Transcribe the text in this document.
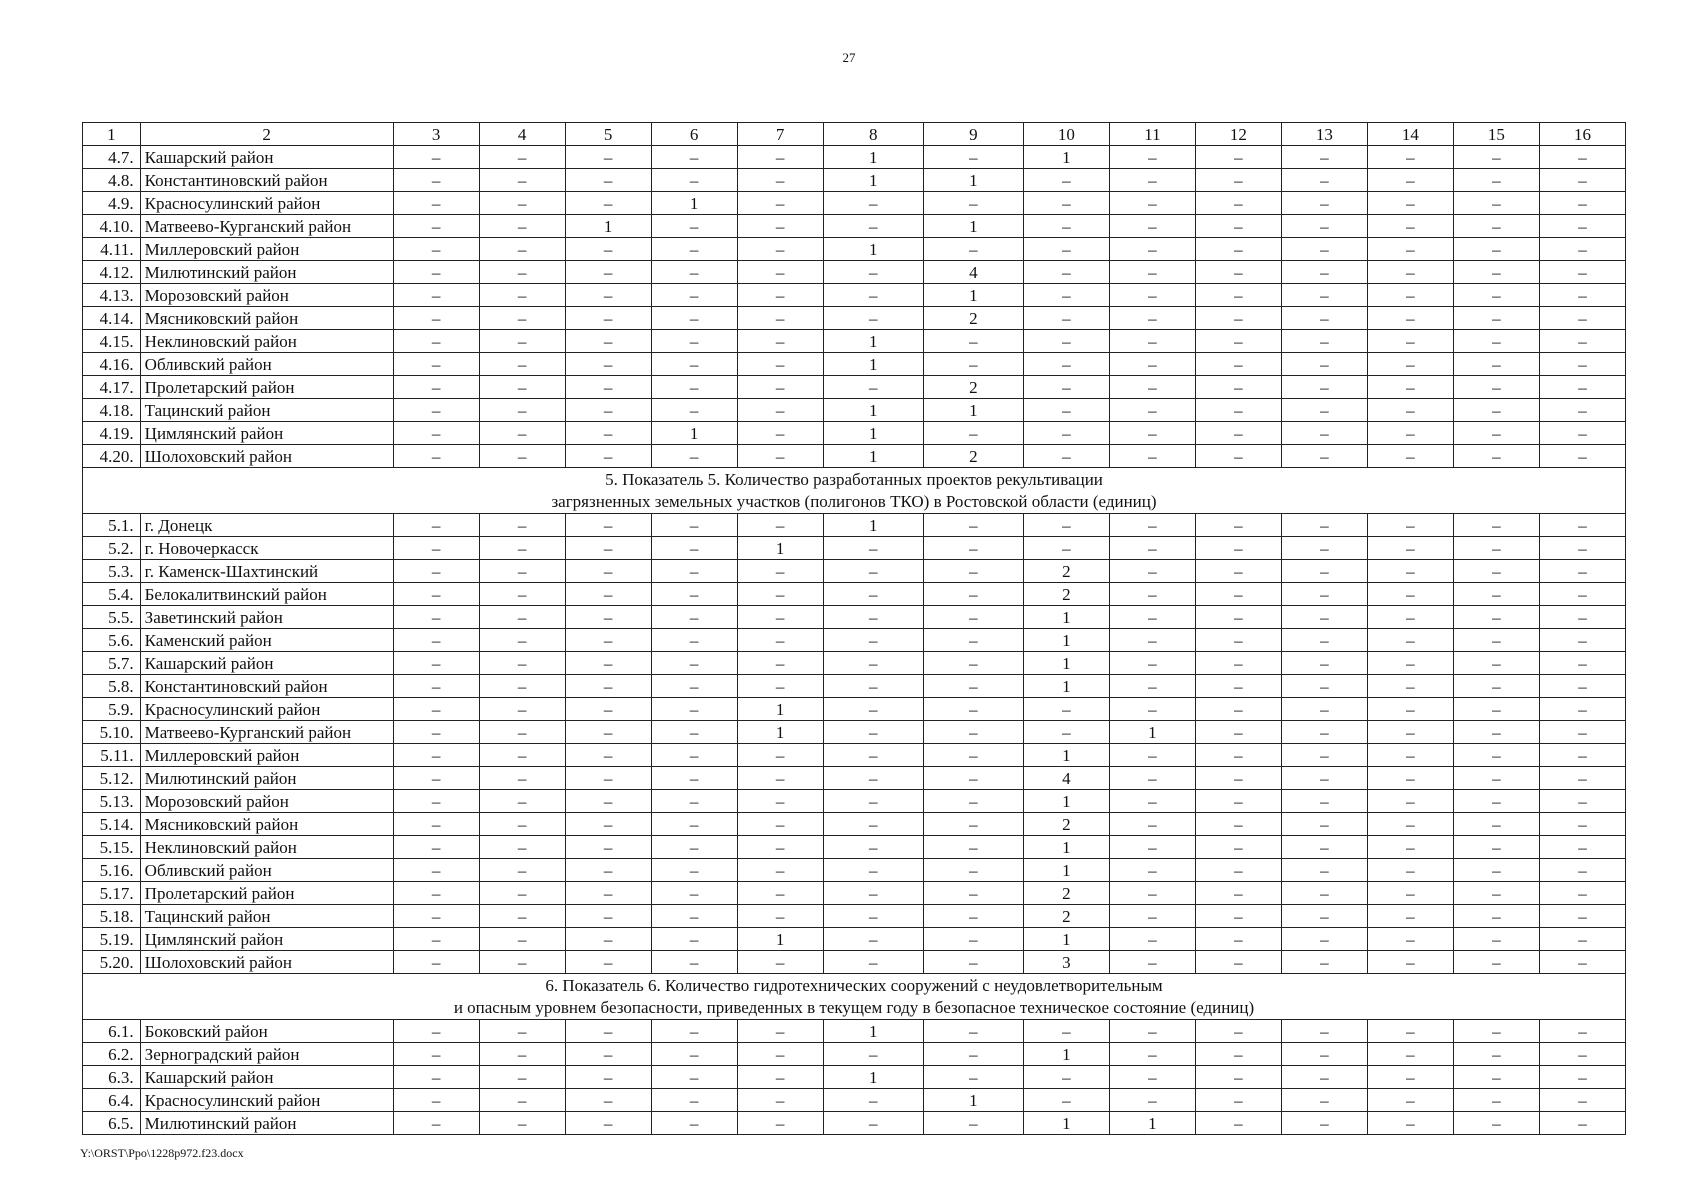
27
1	2	3	4	5	6	7	8	9	10	11	12	13	14	15	16
4.7.	Кашарский район	–	–	–	–	–	1	–	1	–	–	–	–	–	–
4.8.	Константиновский район	–	–	–	–	–	1	1	–	–	–	–	–	–	–
4.9.	Красносулинский район	–	–	–	1	–	–	–	–	–	–	–	–	–	–
4.10.	Матвеево-Курганский район	–	–	1	–	–	–	1	–	–	–	–	–	–	–
4.11.	Миллеровский район	–	–	–	–	–	1	–	–	–	–	–	–	–	–
4.12.	Милютинский район	–	–	–	–	–	–	4	–	–	–	–	–	–	–
4.13.	Морозовский район	–	–	–	–	–	–	1	–	–	–	–	–	–	–
4.14.	Мясниковский район	–	–	–	–	–	–	2	–	–	–	–	–	–	–
4.15.	Неклиновский район	–	–	–	–	–	1	–	–	–	–	–	–	–	–
4.16.	Обливский район	–	–	–	–	–	1	–	–	–	–	–	–	–	–
4.17.	Пролетарский район	–	–	–	–	–	–	2	–	–	–	–	–	–	–
4.18.	Тацинский район	–	–	–	–	–	1	1	–	–	–	–	–	–	–
4.19.	Цимлянский район	–	–	–	1	–	1	–	–	–	–	–	–	–	–
4.20.	Шолоховский район	–	–	–	–	–	1	2	–	–	–	–	–	–	–

5. Показатель 5. Количество разработанных проектов рекультивации
загрязненных земельных участков (полигонов ТКО) в Ростовской области (единиц)															

5.1.	г. Донецк	–	–	–	–	–	1	–	–	–	–	–	–	–	–
5.2.	г. Новочеркасск	–	–	–	–	1	–	–	–	–	–	–	–	–	–
5.3.	г. Каменск-Шахтинский	–	–	–	–	–	–	–	2	–	–	–	–	–	–
5.4.	Белокалитвинский район	–	–	–	–	–	–	–	2	–	–	–	–	–	–
5.5.	Заветинский район	–	–	–	–	–	–	–	1	–	–	–	–	–	–
5.6.	Каменский район	–	–	–	–	–	–	–	1	–	–	–	–	–	–
5.7.	Кашарский район	–	–	–	–	–	–	–	1	–	–	–	–	–	–
5.8.	Константиновский район	–	–	–	–	–	–	–	1	–	–	–	–	–	–
5.9.	Красносулинский район	–	–	–	–	1	–	–	–	–	–	–	–	–	–
5.10.	Матвеево-Курганский район	–	–	–	–	1	–	–	–	1	–	–	–	–	–
5.11.	Миллеровский район	–	–	–	–	–	–	–	1	–	–	–	–	–	–
5.12.	Милютинский район	–	–	–	–	–	–	–	4	–	–	–	–	–	–
5.13.	Морозовский район	–	–	–	–	–	–	–	1	–	–	–	–	–	–
5.14.	Мясниковский район	–	–	–	–	–	–	–	2	–	–	–	–	–	–
5.15.	Неклиновский район	–	–	–	–	–	–	–	1	–	–	–	–	–	–
5.16.	Обливский район	–	–	–	–	–	–	–	1	–	–	–	–	–	–
5.17.	Пролетарский район	–	–	–	–	–	–	–	2	–	–	–	–	–	–
5.18.	Тацинский район	–	–	–	–	–	–	–	2	–	–	–	–	–	–
5.19.	Цимлянский район	–	–	–	–	1	–	–	1	–	–	–	–	–	–
5.20.	Шолоховский район	–	–	–	–	–	–	–	3	–	–	–	–	–	–

6. Показатель 6. Количество гидротехнических сооружений с неудовлетворительным
и опасным уровнем безопасности, приведенных в текущем году в безопасное техническое состояние (единиц)															

6.1.	Боковский район	–	–	–	–	–	1	–	–	–	–	–	–	–	–
6.2.	Зерноградский район	–	–	–	–	–	–	–	1	–	–	–	–	–	–
6.3.	Кашарский район	–	–	–	–	–	1	–	–	–	–	–	–	–	–
6.4.	Красносулинский район	–	–	–	–	–	–	1	–	–	–	–	–	–	–
6.5.	Милютинский район	–	–	–	–	–	–	–	1	1	–	–	–	–	–
Y:\ORST\Ppo\1228p972.f23.docx
